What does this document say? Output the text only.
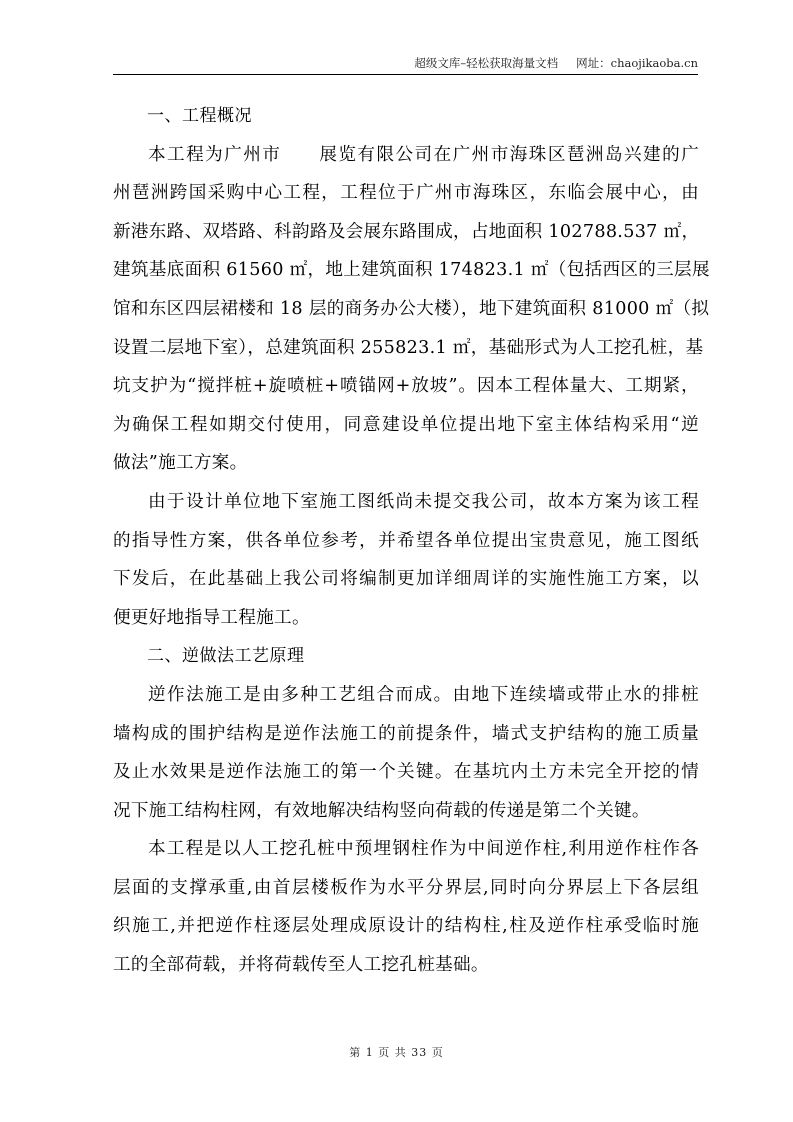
超级文库–轻松获取海量文档 网址：chaojikaoba.cn
一、工程概况
本工程为广州市　　展览有限公司在广州市海珠区琶洲岛兴建的广
州琶洲跨国采购中心工程，工程位于广州市海珠区，东临会展中心，由
新港东路、双塔路、科韵路及会展东路围成，占地面积 102788.537 ㎡，
建筑基底面积 61560 ㎡，地上建筑面积 174823.1 ㎡（包括西区的三层展
馆和东区四层裙楼和 18 层的商务办公大楼），地下建筑面积 81000 ㎡（拟
设置二层地下室），总建筑面积 255823.1 ㎡，基础形式为人工挖孔桩，基
坑支护为“搅拌桩+旋喷桩+喷锚网+放坡”。因本工程体量大、工期紧，
为确保工程如期交付使用，同意建设单位提出地下室主体结构采用“逆
做法”施工方案。
由于设计单位地下室施工图纸尚未提交我公司，故本方案为该工程
的指导性方案，供各单位参考，并希望各单位提出宝贵意见，施工图纸
下发后，在此基础上我公司将编制更加详细周详的实施性施工方案，以
便更好地指导工程施工。
二、逆做法工艺原理
逆作法施工是由多种工艺组合而成。由地下连续墙或带止水的排桩
墙构成的围护结构是逆作法施工的前提条件，墙式支护结构的施工质量
及止水效果是逆作法施工的第一个关键。在基坑内土方未完全开挖的情
况下施工结构柱网，有效地解决结构竖向荷载的传递是第二个关键。
本工程是以人工挖孔桩中预埋钢柱作为中间逆作柱,利用逆作柱作各
层面的支撑承重,由首层楼板作为水平分界层,同时向分界层上下各层组
织施工,并把逆作柱逐层处理成原设计的结构柱,柱及逆作柱承受临时施
工的全部荷载，并将荷载传至人工挖孔桩基础。
第 1 页 共 33 页
